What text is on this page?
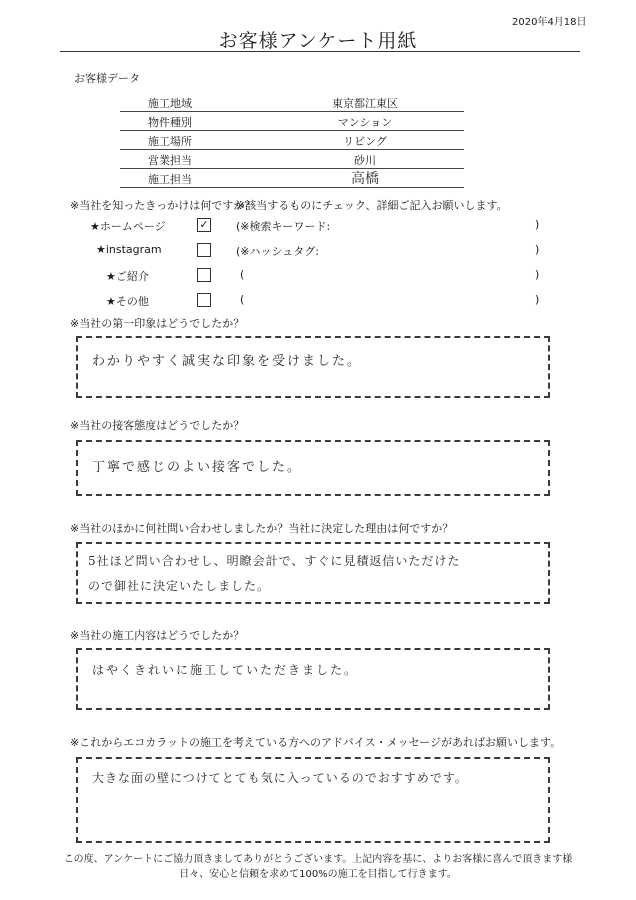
2020年4月18日
お客様アンケート用紙
お客様データ
施工地域	東京都江東区
物件種別	マンション
施工場所	リビング
営業担当	砂川
施工担当	高橋
※当社を知ったきっかけは何ですか？
※該当するものにチェック、詳細ご記入お願いします。
★ホームページ	✓ (※検索キーワード:	)
★instagram	(※ハッシュタグ:	)
★ご紹介	(	)
★その他	(	)
※当社の第一印象はどうでしたか？
わかりやすく誠実な印象を受けました。
※当社の接客態度はどうでしたか？
丁寧で感じのよい接客でした。
※当社のほかに何社問い合わせしましたか？当社に決定した理由は何ですか？
5社ほど問い合わせし、明瞭会計で、すぐに見積返信いただけた
ので御社に決定いたしました。
※当社の施工内容はどうでしたか？
はやくきれいに施工していただきました。
※これからエコカラットの施工を考えている方へのアドバイス・メッセージがあればお願いします。
大きな面の壁につけてとても気に入っているのでおすすめです。
この度、アンケートにご協力頂きましてありがとうございます。上記内容を基に、よりお客様に喜んで頂きます様
日々、安心と信頼を求めて100%の施工を目指して行きます。
